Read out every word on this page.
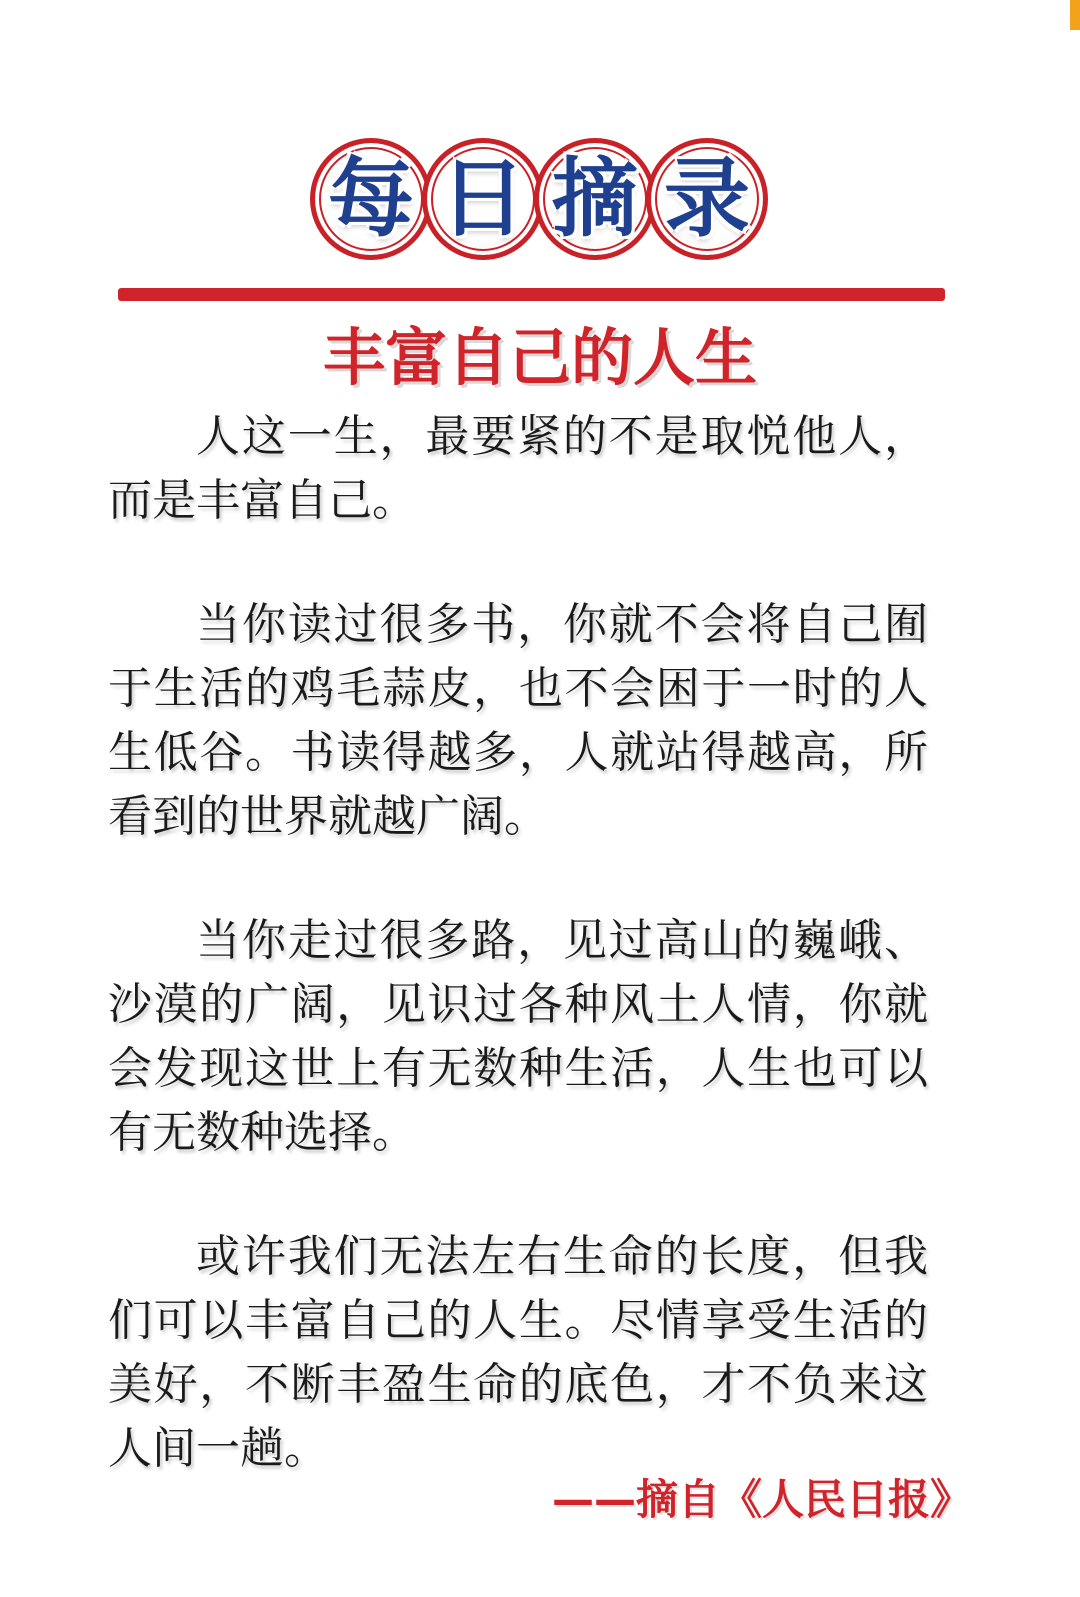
每 日 摘 录
丰富自己的人生

人这一生，最要紧的不是取悦他人，而是丰富自己。

当你读过很多书，你就不会将自己囿于生活的鸡毛蒜皮，也不会困于一时的人生低谷。书读得越多，人就站得越高，所看到的世界就越广阔。

当你走过很多路，见过高山的巍峨、沙漠的广阔，见识过各种风土人情，你就会发现这世上有无数种生活，人生也可以有无数种选择。

或许我们无法左右生命的长度，但我们可以丰富自己的人生。尽情享受生活的美好，不断丰盈生命的底色，才不负来这人间一趟。

——摘自《人民日报》
